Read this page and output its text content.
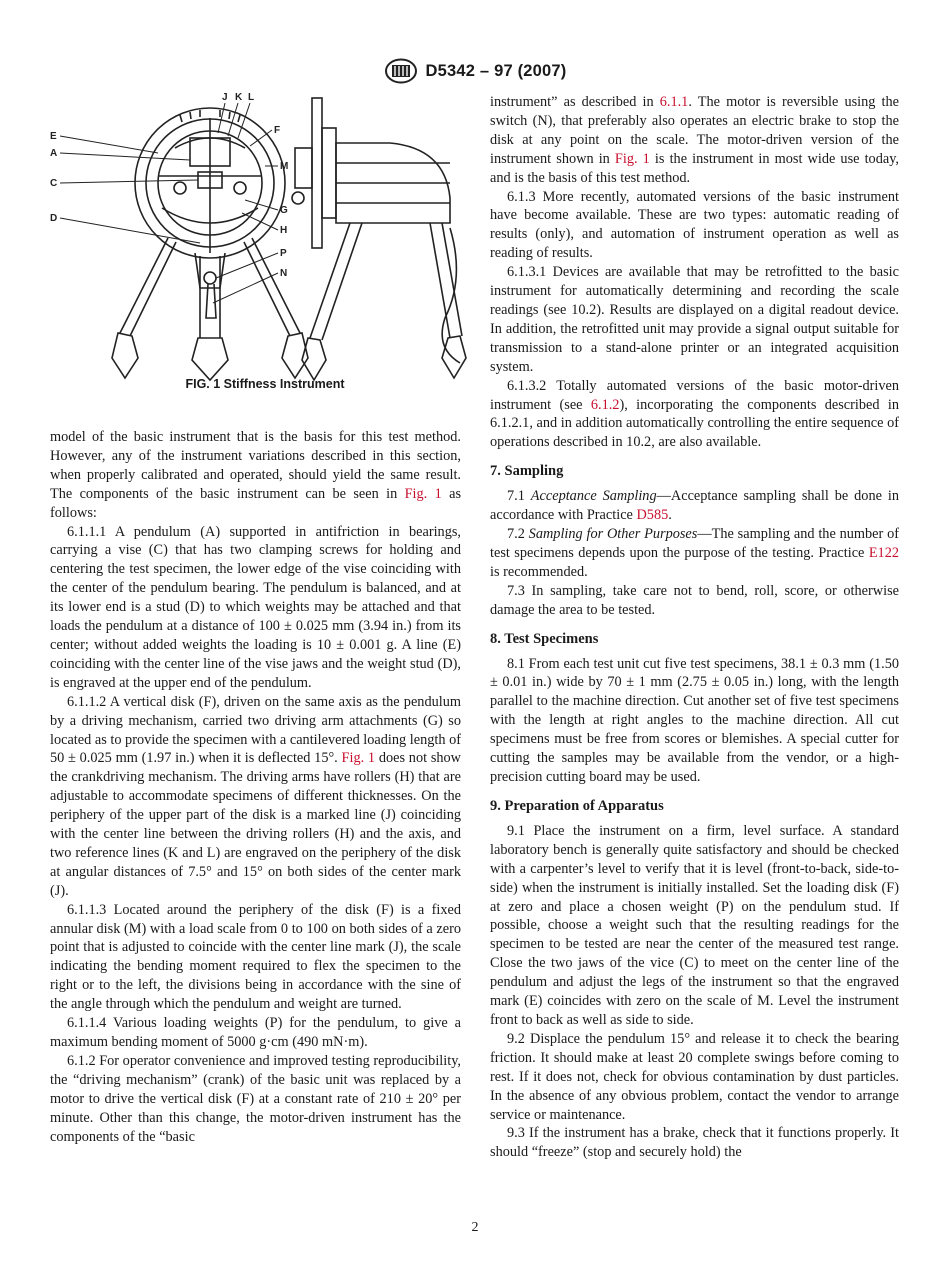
D5342 – 97 (2007)
E
A
C
D
J K L
F
M
G
H
P
N
FIG. 1 Stiffness Instrument

model of the basic instrument that is the basis for this test method. However, any of the instrument variations described in this section, when properly calibrated and operated, should yield the same result. The components of the basic instrument can be seen in Fig. 1 as follows:

6.1.1.1 A pendulum (A) supported in antifriction in bearings, carrying a vise (C) that has two clamping screws for holding and centering the test specimen, the lower edge of the vise coinciding with the center of the pendulum bearing. The pendulum is balanced, and at its lower end is a stud (D) to which weights may be attached and that loads the pendulum at a distance of 100 ± 0.025 mm (3.94 in.) from its center; without added weights the loading is 10 ± 0.001 g. A line (E) coinciding with the center line of the vise jaws and the weight stud (D), is engraved at the upper end of the pendulum.

6.1.1.2 A vertical disk (F), driven on the same axis as the pendulum by a driving mechanism, carried two driving arm attachments (G) so located as to provide the specimen with a cantilevered loading length of 50 ± 0.025 mm (1.97 in.) when it is deflected 15°. Fig. 1 does not show the crankdriving mechanism. The driving arms have rollers (H) that are adjustable to accommodate specimens of different thicknesses. On the periphery of the upper part of the disk is a marked line (J) coinciding with the center line between the driving rollers (H) and the axis, and two reference lines (K and L) are engraved on the periphery of the disk at angular distances of 7.5° and 15° on both sides of the center mark (J).

6.1.1.3 Located around the periphery of the disk (F) is a fixed annular disk (M) with a load scale from 0 to 100 on both sides of a zero point that is adjusted to coincide with the center line mark (J), the scale indicating the bending moment required to flex the specimen to the right or to the left, the divisions being in accordance with the sine of the angle through which the pendulum and weight are turned.

6.1.1.4 Various loading weights (P) for the pendulum, to give a maximum bending moment of 5000 g·cm (490 mN·m).

6.1.2 For operator convenience and improved testing reproducibility, the “driving mechanism” (crank) of the basic unit was replaced by a motor to drive the vertical disk (F) at a constant rate of 210 ± 20° per minute. Other than this change, the motor-driven instrument has the components of the “basic

instrument” as described in 6.1.1. The motor is reversible using the switch (N), that preferably also operates an electric brake to stop the disk at any point on the scale. The motor-driven version of the instrument shown in Fig. 1 is the instrument in most wide use today, and is the basis of this test method.

6.1.3 More recently, automated versions of the basic instrument have become available. These are two types: automatic reading of results (only), and automation of instrument operation as well as reading of results.

6.1.3.1 Devices are available that may be retrofitted to the basic instrument for automatically determining and recording the scale readings (see 10.2). Results are displayed on a digital readout device. In addition, the retrofitted unit may provide a signal output suitable for transmission to a stand-alone printer or an integrated acquisition system.

6.1.3.2 Totally automated versions of the basic motor-driven instrument (see 6.1.2), incorporating the components described in 6.1.2.1, and in addition automatically controlling the entire sequence of operations described in 10.2, are also available.

7. Sampling

7.1 Acceptance Sampling—Acceptance sampling shall be done in accordance with Practice D585.

7.2 Sampling for Other Purposes—The sampling and the number of test specimens depends upon the purpose of the testing. Practice E122 is recommended.

7.3 In sampling, take care not to bend, roll, score, or otherwise damage the area to be tested.

8. Test Specimens

8.1 From each test unit cut five test specimens, 38.1 ± 0.3 mm (1.50 ± 0.01 in.) wide by 70 ± 1 mm (2.75 ± 0.05 in.) long, with the length parallel to the machine direction. Cut another set of five test specimens with the length at right angles to the machine direction. All cut specimens must be free from scores or blemishes. A special cutter for cutting the samples may be available from the vendor, or a high-precision cutting board may be used.

9. Preparation of Apparatus

9.1 Place the instrument on a firm, level surface. A standard laboratory bench is generally quite satisfactory and should be checked with a carpenter’s level to verify that it is level (front-to-back, side-to-side) when the instrument is initially installed. Set the loading disk (F) at zero and place a chosen weight (P) on the pendulum stud. If possible, choose a weight such that the resulting readings for the specimen to be tested are near the center of the measured test range. Close the two jaws of the vice (C) to meet on the center line of the pendulum and adjust the legs of the instrument so that the engraved mark (E) coincides with zero on the scale of M. Level the instrument front to back as well as side to side.

9.2 Displace the pendulum 15° and release it to check the bearing friction. It should make at least 20 complete swings before coming to rest. If it does not, check for obvious contamination by dust particles. In the absence of any obvious problem, contact the vendor to arrange service or maintenance.

9.3 If the instrument has a brake, check that it functions properly. It should “freeze” (stop and securely hold) the

2
